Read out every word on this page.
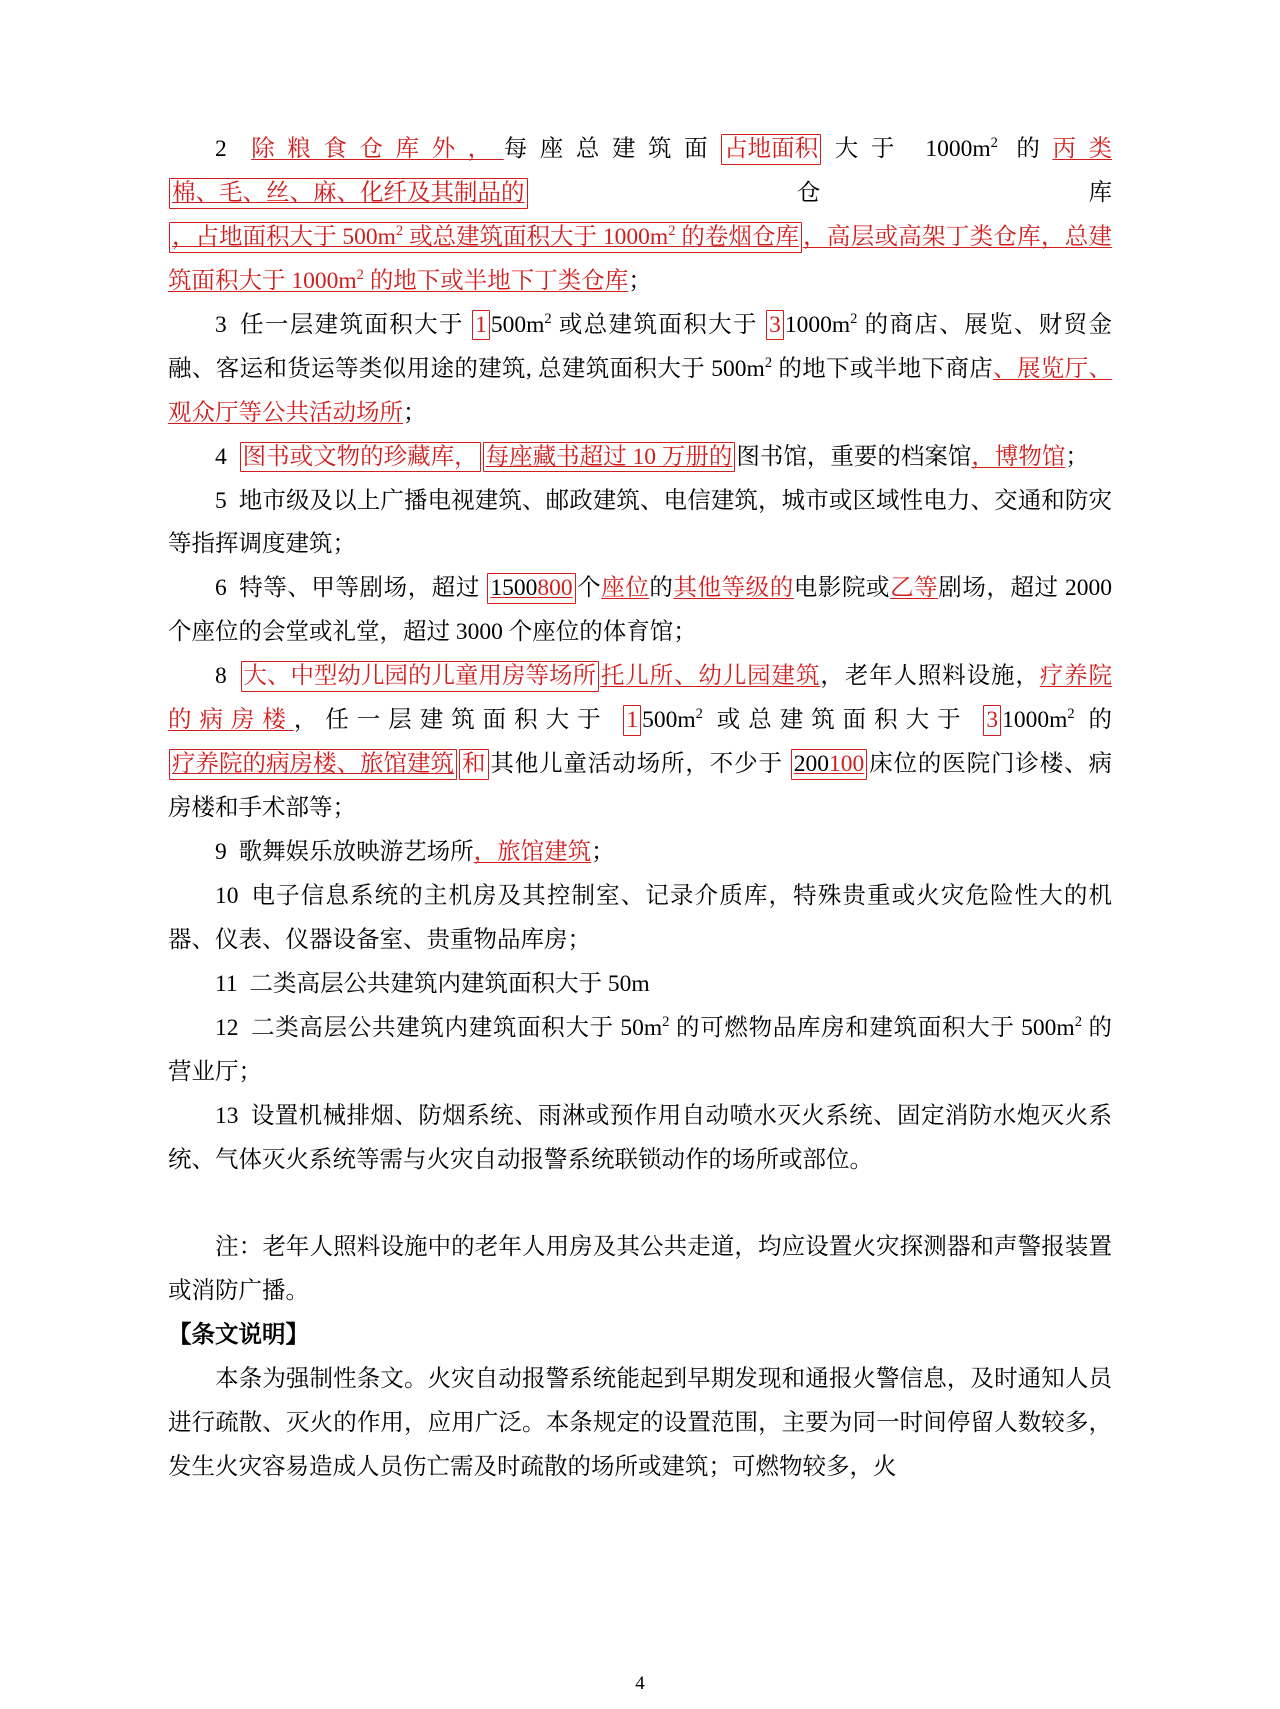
2 除粮食仓库外，每座总建筑面 占地面积 大于 $1000m^2$ 的丙类棉、毛、丝、麻、化纤及其制品的 仓库，占地面积大于 $500m^2$ 或总建筑面积大于 $1000m^2$ 的卷烟仓库 ，高层或高架丁类仓库，总建筑面积大于 $1000m^2$ 的地下或半地下丁类仓库；

3 任一层建筑面积大于 1 $500m^2$ 或总建筑面积大于 3 $1000m^2$ 的商店、展览、财贸金融、客运和货运等类似用途的建筑, 总建筑面积大于 $500m^2$ 的地下或半地下商店、展览厅、观众厅等公共活动场所；

4 图书或文物的珍藏库， 每座藏书超过 10 万册的 图书馆，重要的档案馆，博物馆；

5 地市级及以上广播电视建筑、邮政建筑、电信建筑，城市或区域性电力、交通和防灾等指挥调度建筑；

6 特等、甲等剧场，超过 1500800个座位的其他等级的电影院或乙等剧场，超过 2000 个座位的会堂或礼堂，超过 3000 个座位的体育馆；

8 大、中型幼儿园的儿童用房等场所 托儿所、幼儿园建筑，老年人照料设施，疗养院的病房楼，任一层建筑面积大于 1 $500m^2$ 或总建筑面积大于 3 $1000m^2$ 的疗养院的病房楼、旅馆建筑 和 其他儿童活动场所，不少于 200100床位的医院门诊楼、病房楼和手术部等；

9 歌舞娱乐放映游艺场所，旅馆建筑；

10 电子信息系统的主机房及其控制室、记录介质库，特殊贵重或火灾危险性大的机器、仪表、仪器设备室、贵重物品库房；

11 二类高层公共建筑内建筑面积大于 50m

12 二类高层公共建筑内建筑面积大于 $50m^2$ 的可燃物品库房和建筑面积大于 $500m^2$ 的营业厅；

13 设置机械排烟、防烟系统、雨淋或预作用自动喷水灭火系统、固定消防水炮灭火系统、气体灭火系统等需与火灾自动报警系统联锁动作的场所或部位。

注：老年人照料设施中的老年人用房及其公共走道，均应设置火灾探测器和声警报装置或消防广播。

【条文说明】

本条为强制性条文。火灾自动报警系统能起到早期发现和通报火警信息，及时通知人员进行疏散、灭火的作用，应用广泛。本条规定的设置范围，主要为同一时间停留人数较多，发生火灾容易造成人员伤亡需及时疏散的场所或建筑；可燃物较多，火

4
